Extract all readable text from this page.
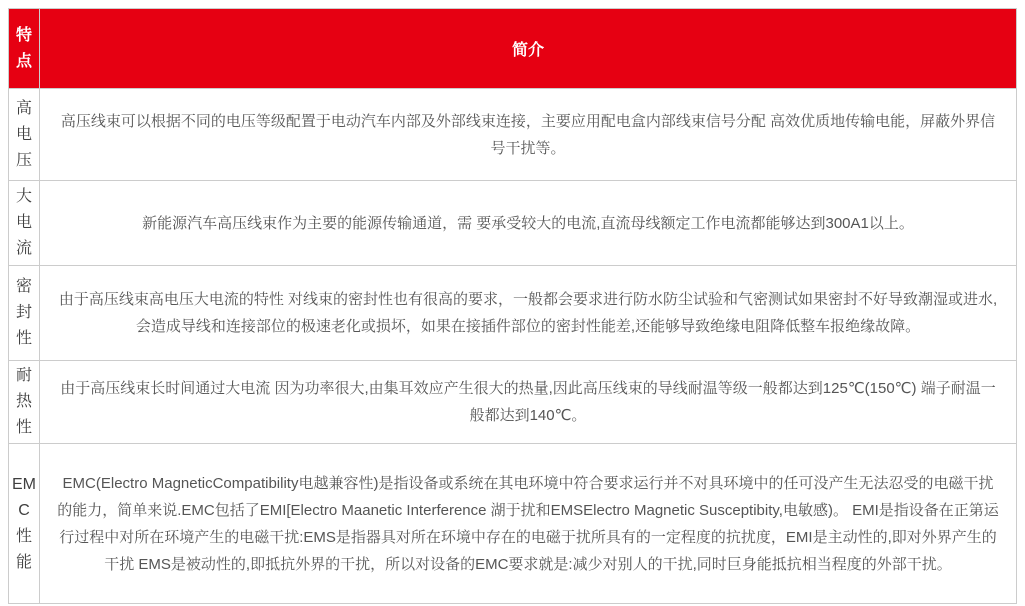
特点	简介
高电压	高压线束可以根据不同的电压等级配置于电动汽车内部及外部线束连接，主要应用配电盒内部线束信号分配 高效优质地传输电能，屏蔽外界信号干扰等。
大电流	新能源汽车高压线束作为主要的能源传输通道，需 要承受较大的电流,直流母线额定工作电流都能够达到300A1以上。
密封性	由于高压线束高电压大电流的特性 对线束的密封性也有很高的要求，一般都会要求进行防水防尘试验和气密测试如果密封不好导致潮湿或进水,会造成导线和连接部位的极速老化或损坏，如果在接插件部位的密封性能差,还能够导致绝缘电阻降低整车报绝缘故障。
耐热性	由于高压线束长时间通过大电流 因为功率很大,由集耳效应产生很大的热量,因此高压线束的导线耐温等级一般都达到125℃(150℃) 端子耐温一般都达到140℃。
EMC性能	EMC(Electro MagneticCompatibility电越兼容性)是指设备或系统在其电环境中符合要求运行并不对具环境中的任可没产生无法忍受的电磁干扰的能力，简单来说.EMC包括了EMI[Electro Maanetic Interference 湖于扰和EMSElectro Magnetic Susceptibity,电敏感)。 EMI是指设备在正第运行过程中对所在环境产生的电磁干扰:EMS是指器具对所在环境中存在的电磁于扰所具有的一定程度的抗扰度，EMI是主动性的,即对外界产生的干扰 EMS是被动性的,即抵抗外界的干扰，所以对设备的EMC要求就是:减少对别人的干扰,同时巨身能抵抗相当程度的外部干扰。
